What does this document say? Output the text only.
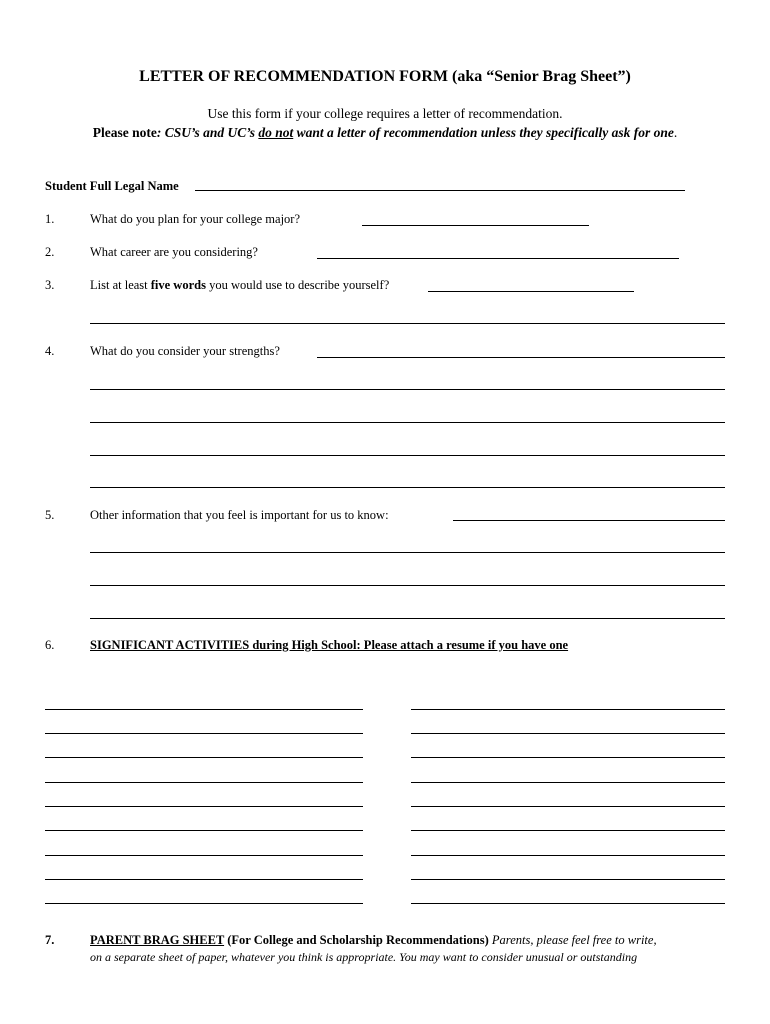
LETTER OF RECOMMENDATION FORM (aka “Senior Brag Sheet”)
Use this form if your college requires a letter of recommendation.
Please note: CSU’s and UC’s do not want a letter of recommendation unless they specifically ask for one.
Student Full Legal Name
1.	What do you plan for your college major?
2.	What career are you considering?
3.	List at least five words you would use to describe yourself?
4.	What do you consider your strengths?
5.	Other information that you feel is important for us to know:
6.	SIGNIFICANT ACTIVITIES during High School: Please attach a resume if you have one
7.	PARENT BRAG SHEET (For College and Scholarship Recommendations) Parents, please feel free to write,
on a separate sheet of paper, whatever you think is appropriate. You may want to consider unusual or outstanding
